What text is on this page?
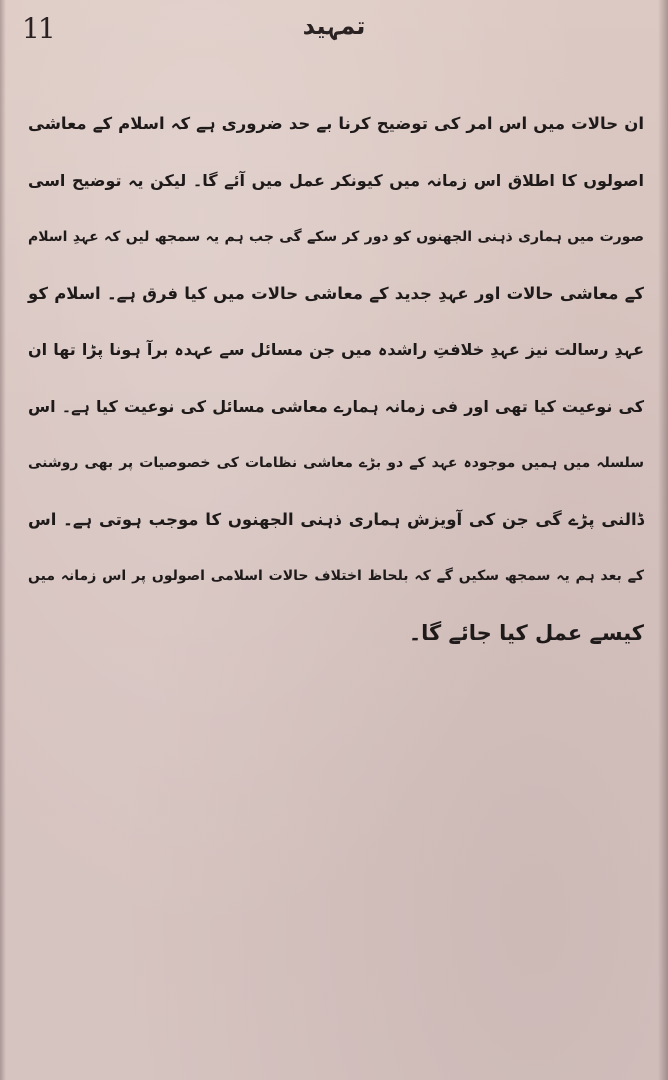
11	تمہید
ان حالات میں اس امر کی توضیح کرنا بے حد ضروری ہے کہ اسلام کے معاشی
اصولوں کا اطلاق اس زمانہ میں کیونکر عمل میں آئے گا۔ لیکن یہ توضیح اسی
صورت میں ہماری ذہنی الجھنوں کو دور کر سکے گی جب ہم یہ سمجھ لیں کہ عہدِ اسلام
کے معاشی حالات اور عہدِ جدید کے معاشی حالات میں کیا فرق ہے۔ اسلام کو
عہدِ رسالت نیز عہدِ خلافتِ راشدہ میں جن مسائل سے عہدہ برآ ہونا پڑا تھا ان
کی نوعیت کیا تھی اور فی زمانہ ہمارے معاشی مسائل کی نوعیت کیا ہے۔ اس
سلسلہ میں ہمیں موجودہ عہد کے دو بڑے معاشی نظامات کی خصوصیات پر بھی روشنی
ڈالنی پڑے گی جن کی آویزش ہماری ذہنی الجھنوں کا موجب ہوتی ہے۔ اس
کے بعد ہم یہ سمجھ سکیں گے کہ بلحاظ اختلاف حالات اسلامی اصولوں پر اس زمانہ میں
کیسے عمل کیا جائے گا۔
